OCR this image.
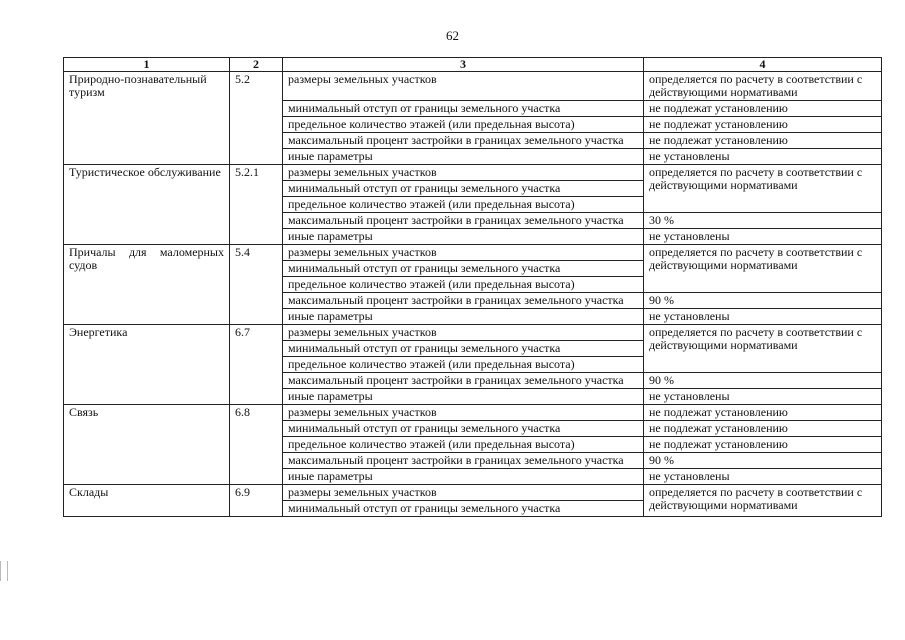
62
1	2	3	4
Природно-познавательный туризм	5.2	размеры земельных участков	определяется по расчету в соответствии с действующими нормативами
		минимальный отступ от границы земельного участка	не подлежат установлению
		предельное количество этажей (или предельная высота)	не подлежат установлению
		максимальный процент застройки в границах земельного участка	не подлежат установлению
		иные параметры	не установлены
Туристическое обслуживание	5.2.1	размеры земельных участков	определяется по расчету в соответствии с действующими нормативами
		минимальный отступ от границы земельного участка	
		предельное количество этажей (или предельная высота)	
		максимальный процент застройки в границах земельного участка	30 %
		иные параметры	не установлены
Причалы для маломерных судов	5.4	размеры земельных участков	определяется по расчету в соответствии с действующими нормативами
		минимальный отступ от границы земельного участка	
		предельное количество этажей (или предельная высота)	
		максимальный процент застройки в границах земельного участка	90 %
		иные параметры	не установлены
Энергетика	6.7	размеры земельных участков	определяется по расчету в соответствии с действующими нормативами
		минимальный отступ от границы земельного участка	
		предельное количество этажей (или предельная высота)	
		максимальный процент застройки в границах земельного участка	90 %
		иные параметры	не установлены
Связь	6.8	размеры земельных участков	не подлежат установлению
		минимальный отступ от границы земельного участка	не подлежат установлению
		предельное количество этажей (или предельная высота)	не подлежат установлению
		максимальный процент застройки в границах земельного участка	90 %
		иные параметры	не установлены
Склады	6.9	размеры земельных участков	определяется по расчету в соответствии с действующими нормативами
		минимальный отступ от границы земельного участка	
